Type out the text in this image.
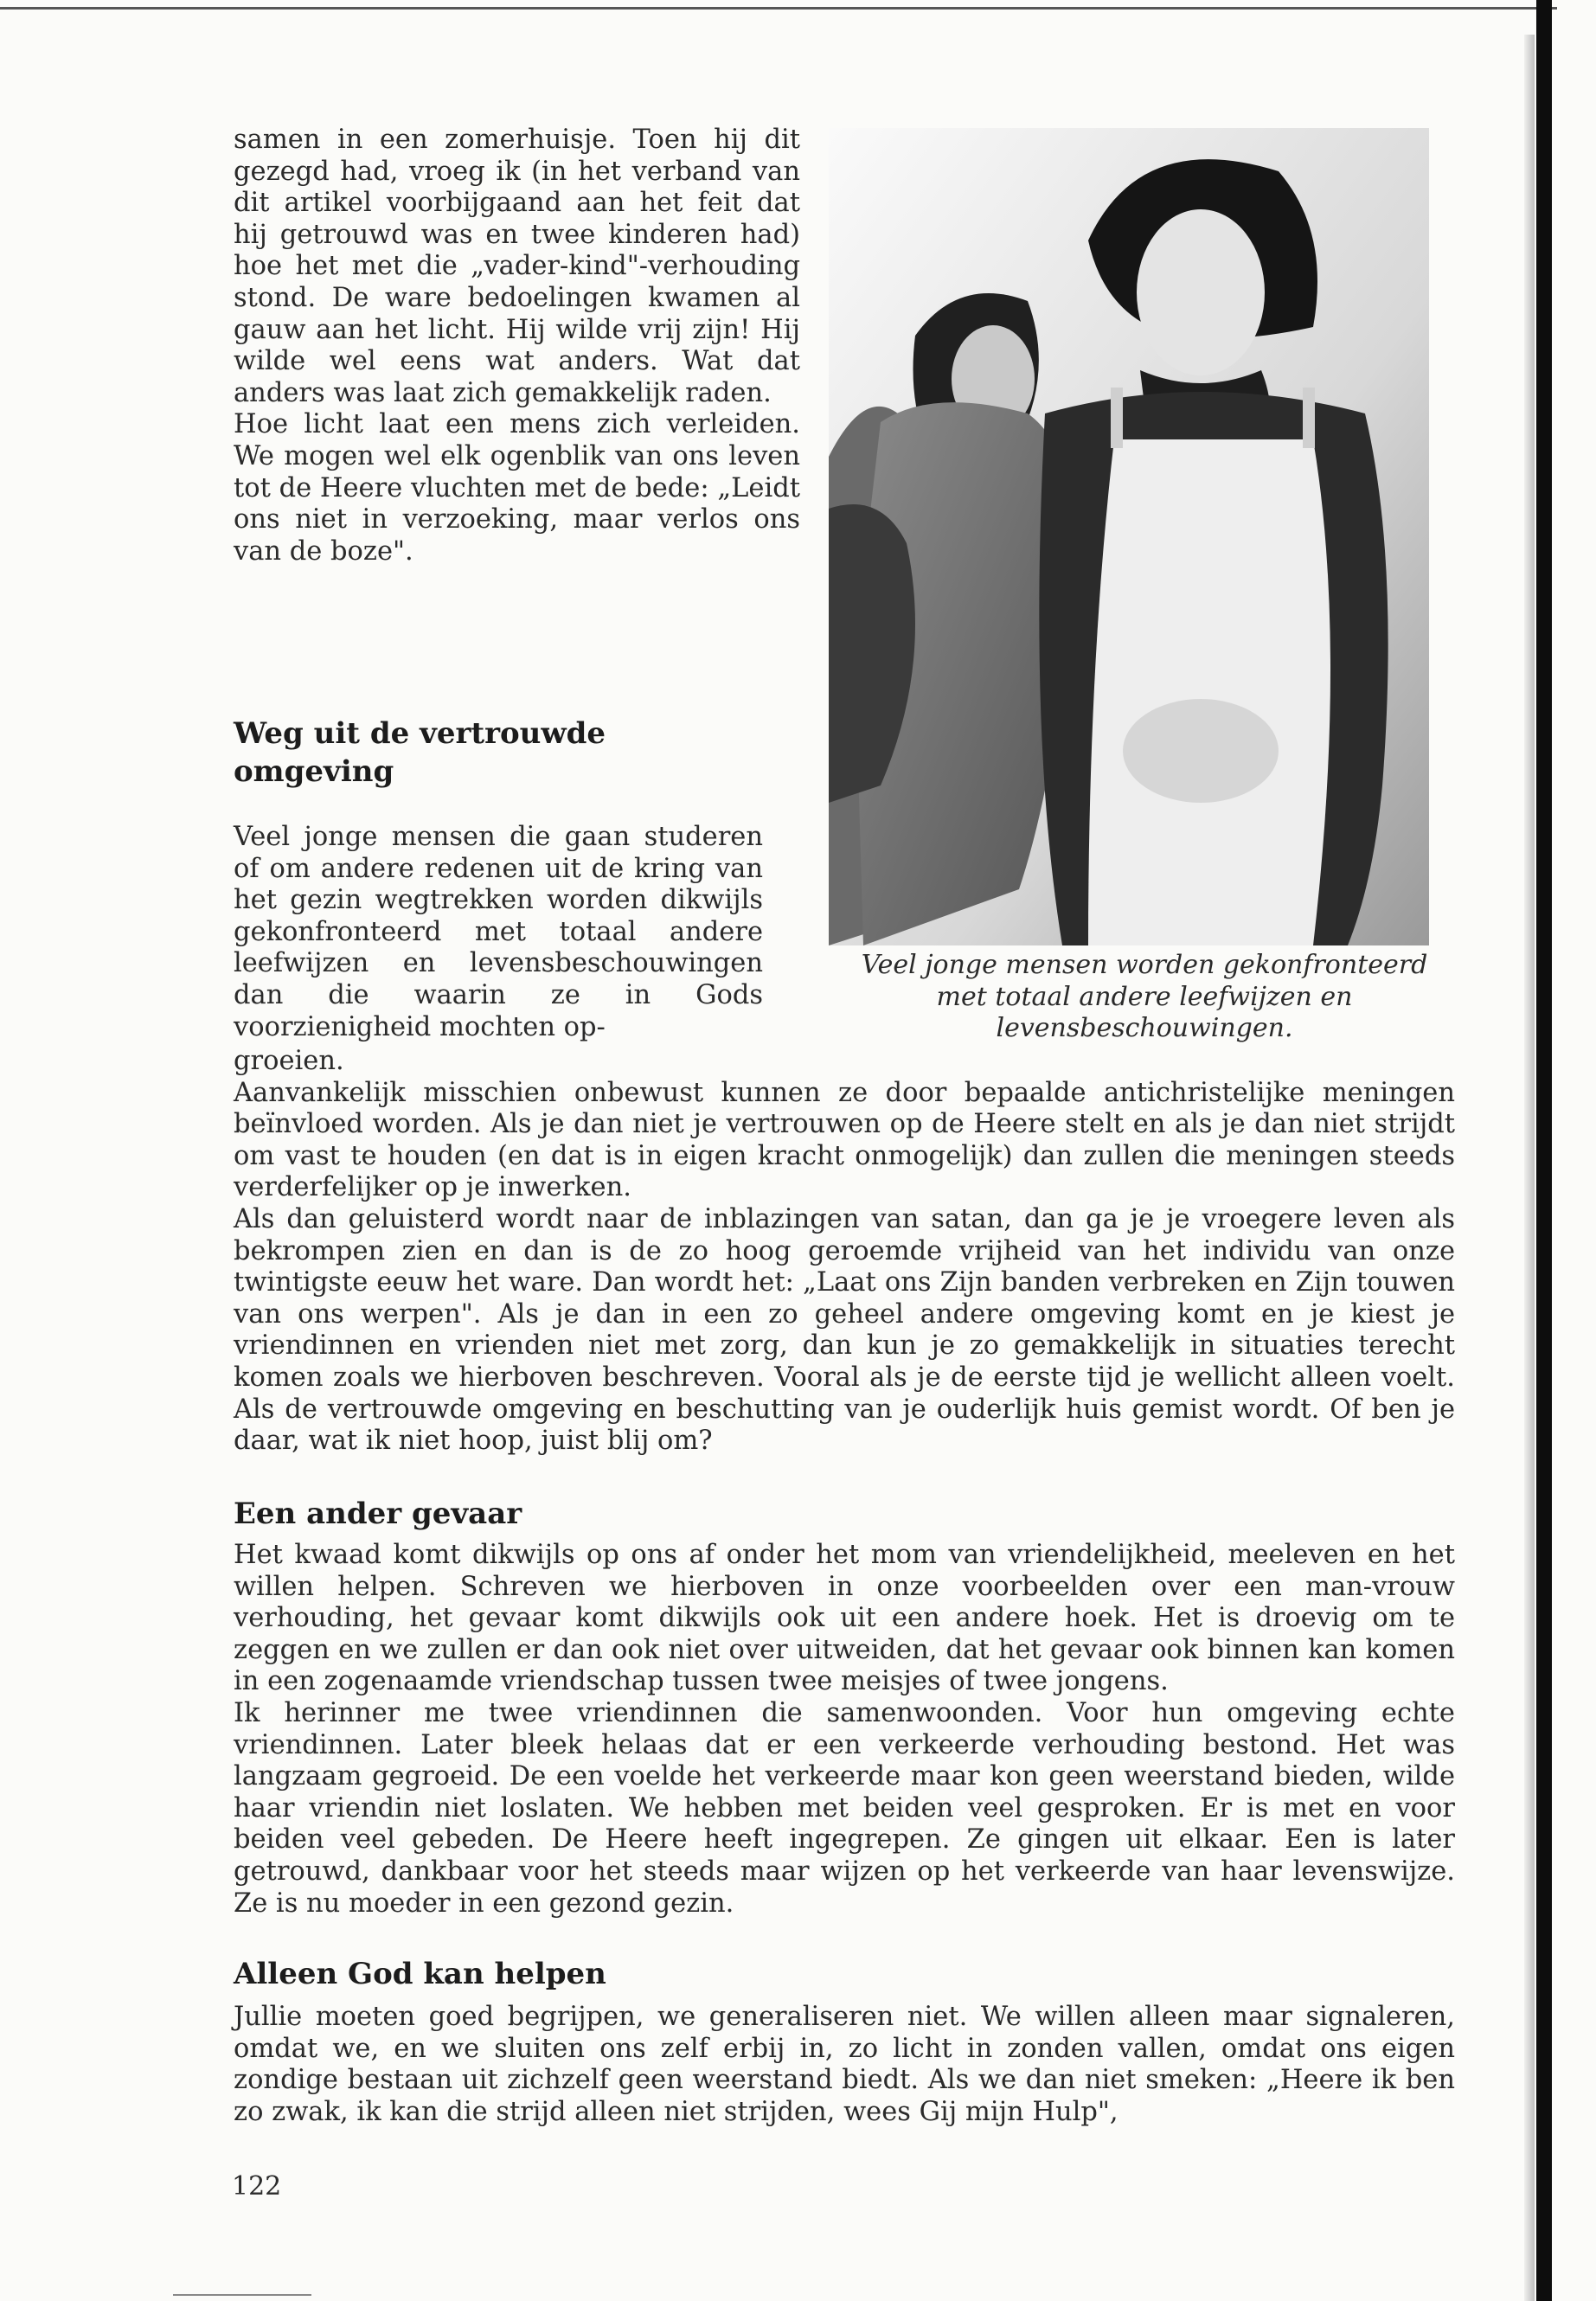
samen in een zomerhuisje. Toen hij dit gezegd had, vroeg ik (in het verband van dit artikel voorbijgaand aan het feit dat hij getrouwd was en twee kinderen had) hoe het met die „vader-kind"-verhouding stond. De ware bedoelingen kwamen al gauw aan het licht. Hij wilde vrij zijn! Hij wilde wel eens wat anders. Wat dat anders was laat zich gemakkelijk raden.

Hoe licht laat een mens zich verleiden. We mogen wel elk ogenblik van ons leven tot de Heere vluchten met de bede: „Leidt ons niet in verzoeking, maar verlos ons van de boze".

Weg uit de vertrouwde
omgeving

Veel jonge mensen die gaan studeren of om andere redenen uit de kring van het gezin wegtrekken worden dikwijls gekonfronteerd met totaal andere leefwijzen en levensbeschouwingen dan die waarin ze in Gods voorzienigheid mochten op-

Veel jonge mensen worden gekonfronteerd
met totaal andere leefwijzen en
levensbeschouwingen.

groeien.

Aanvankelijk misschien onbewust kunnen ze door bepaalde antichristelijke meningen beïnvloed worden. Als je dan niet je vertrouwen op de Heere stelt en als je dan niet strijdt om vast te houden (en dat is in eigen kracht onmogelijk) dan zullen die meningen steeds verderfelijker op je inwerken.

Als dan geluisterd wordt naar de inblazingen van satan, dan ga je je vroegere leven als bekrompen zien en dan is de zo hoog geroemde vrijheid van het individu van onze twintigste eeuw het ware. Dan wordt het: „Laat ons Zijn banden verbreken en Zijn touwen van ons werpen". Als je dan in een zo geheel andere omgeving komt en je kiest je vriendinnen en vrienden niet met zorg, dan kun je zo gemakkelijk in situaties terecht komen zoals we hierboven beschreven. Vooral als je de eerste tijd je wellicht alleen voelt. Als de vertrouwde omgeving en beschutting van je ouderlijk huis gemist wordt. Of ben je daar, wat ik niet hoop, juist blij om?

Een ander gevaar

Het kwaad komt dikwijls op ons af onder het mom van vriendelijkheid, meeleven en het willen helpen. Schreven we hierboven in onze voorbeelden over een man-vrouw verhouding, het gevaar komt dikwijls ook uit een andere hoek. Het is droevig om te zeggen en we zullen er dan ook niet over uitweiden, dat het gevaar ook binnen kan komen in een zogenaamde vriendschap tussen twee meisjes of twee jongens.

Ik herinner me twee vriendinnen die samenwoonden. Voor hun omgeving echte vriendinnen. Later bleek helaas dat er een verkeerde verhouding bestond. Het was langzaam gegroeid. De een voelde het verkeerde maar kon geen weerstand bieden, wilde haar vriendin niet loslaten. We hebben met beiden veel gesproken. Er is met en voor beiden veel gebeden. De Heere heeft ingegrepen. Ze gingen uit elkaar. Een is later getrouwd, dankbaar voor het steeds maar wijzen op het verkeerde van haar levenswijze. Ze is nu moeder in een gezond gezin.

Alleen God kan helpen

Jullie moeten goed begrijpen, we generaliseren niet. We willen alleen maar signaleren, omdat we, en we sluiten ons zelf erbij in, zo licht in zonden vallen, omdat ons eigen zondige bestaan uit zichzelf geen weerstand biedt. Als we dan niet smeken: „Heere ik ben zo zwak, ik kan die strijd alleen niet strijden, wees Gij mijn Hulp",

122
